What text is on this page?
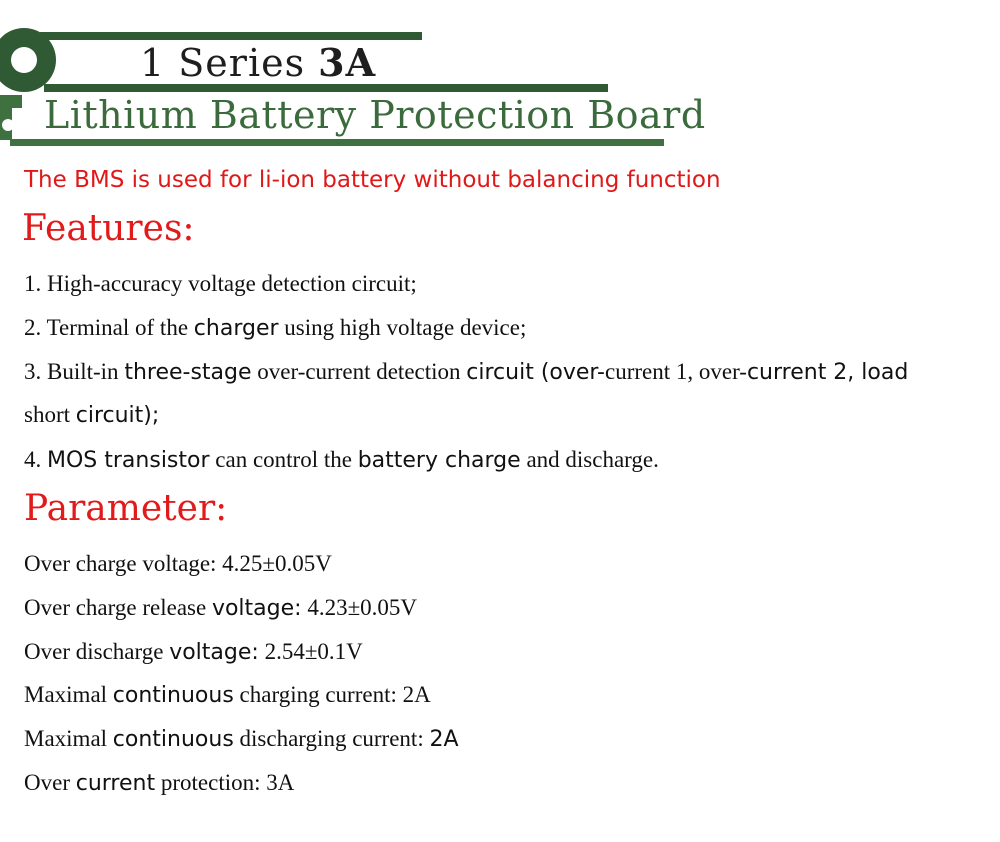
1 Series 3A
Lithium Battery Protection Board
The BMS is used for li-ion battery without balancing function
Features:
1. High-accuracy voltage detection circuit;
2. Terminal of the charger using high voltage device;
3. Built-in three-stage over-current detection circuit (over-current 1, over-current 2, load
short circuit);
4. MOS transistor can control the battery charge and discharge.
Parameter:
Over charge voltage: 4.25±0.05V
Over charge release voltage: 4.23±0.05V
Over discharge voltage: 2.54±0.1V
Maximal continuous charging current: 2A
Maximal continuous discharging current: 2A
Over current protection: 3A
